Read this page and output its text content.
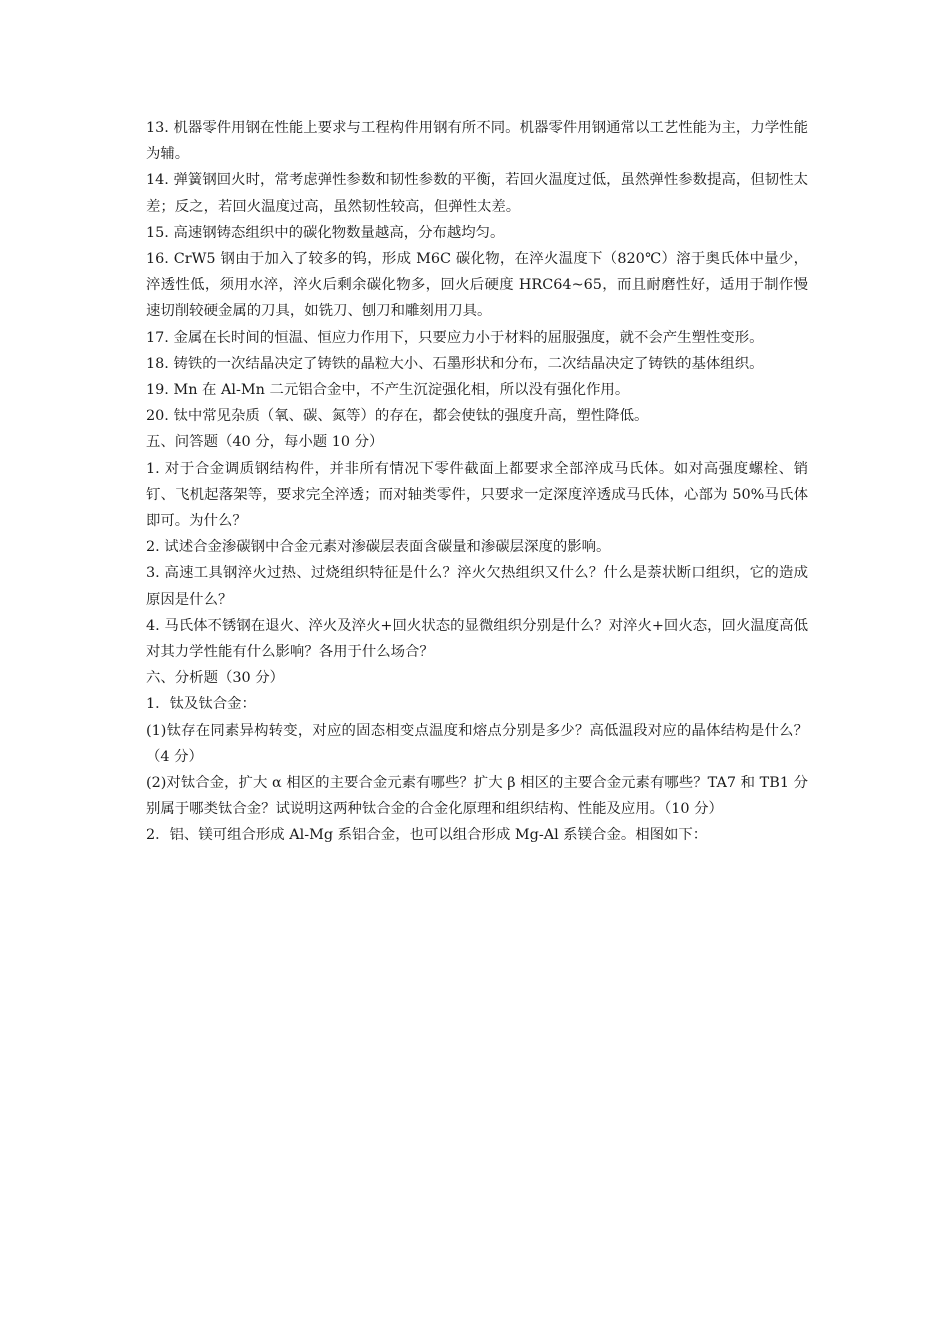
13. 机器零件用钢在性能上要求与工程构件用钢有所不同。机器零件用钢通常以工艺性能为主，力学性能为辅。

14. 弹簧钢回火时，常考虑弹性参数和韧性参数的平衡，若回火温度过低，虽然弹性参数提高，但韧性太差；反之，若回火温度过高，虽然韧性较高，但弹性太差。

15. 高速钢铸态组织中的碳化物数量越高，分布越均匀。

16. CrW5 钢由于加入了较多的钨，形成 M6C 碳化物，在淬火温度下（820℃）溶于奥氏体中量少，淬透性低，须用水淬，淬火后剩余碳化物多，回火后硬度 HRC64~65，而且耐磨性好，适用于制作慢速切削较硬金属的刀具，如铣刀、刨刀和雕刻用刀具。

17. 金属在长时间的恒温、恒应力作用下，只要应力小于材料的屈服强度，就不会产生塑性变形。

18. 铸铁的一次结晶决定了铸铁的晶粒大小、石墨形状和分布，二次结晶决定了铸铁的基体组织。

19. Mn 在 Al-Mn 二元铝合金中，不产生沉淀强化相，所以没有强化作用。

20. 钛中常见杂质（氧、碳、氮等）的存在，都会使钛的强度升高，塑性降低。

五、问答题（40 分，每小题 10 分）

1. 对于合金调质钢结构件，并非所有情况下零件截面上都要求全部淬成马氏体。如对高强度螺栓、销钉、飞机起落架等，要求完全淬透；而对轴类零件，只要求一定深度淬透成马氏体，心部为 50%马氏体即可。为什么？

2. 试述合金渗碳钢中合金元素对渗碳层表面含碳量和渗碳层深度的影响。

3. 高速工具钢淬火过热、过烧组织特征是什么？淬火欠热组织又什么？什么是萘状断口组织，它的造成原因是什么？

4. 马氏体不锈钢在退火、淬火及淬火+回火状态的显微组织分别是什么？对淬火+回火态，回火温度高低对其力学性能有什么影响？各用于什么场合？

六、分析题（30 分）

1．钛及钛合金：

(1)钛存在同素异构转变，对应的固态相变点温度和熔点分别是多少？高低温段对应的晶体结构是什么？（4 分）

(2)对钛合金，扩大 α 相区的主要合金元素有哪些？扩大 β 相区的主要合金元素有哪些？TA7 和 TB1 分别属于哪类钛合金？试说明这两种钛合金的合金化原理和组织结构、性能及应用。（10 分）

2．铝、镁可组合形成 Al-Mg 系铝合金，也可以组合形成 Mg-Al 系镁合金。相图如下：
